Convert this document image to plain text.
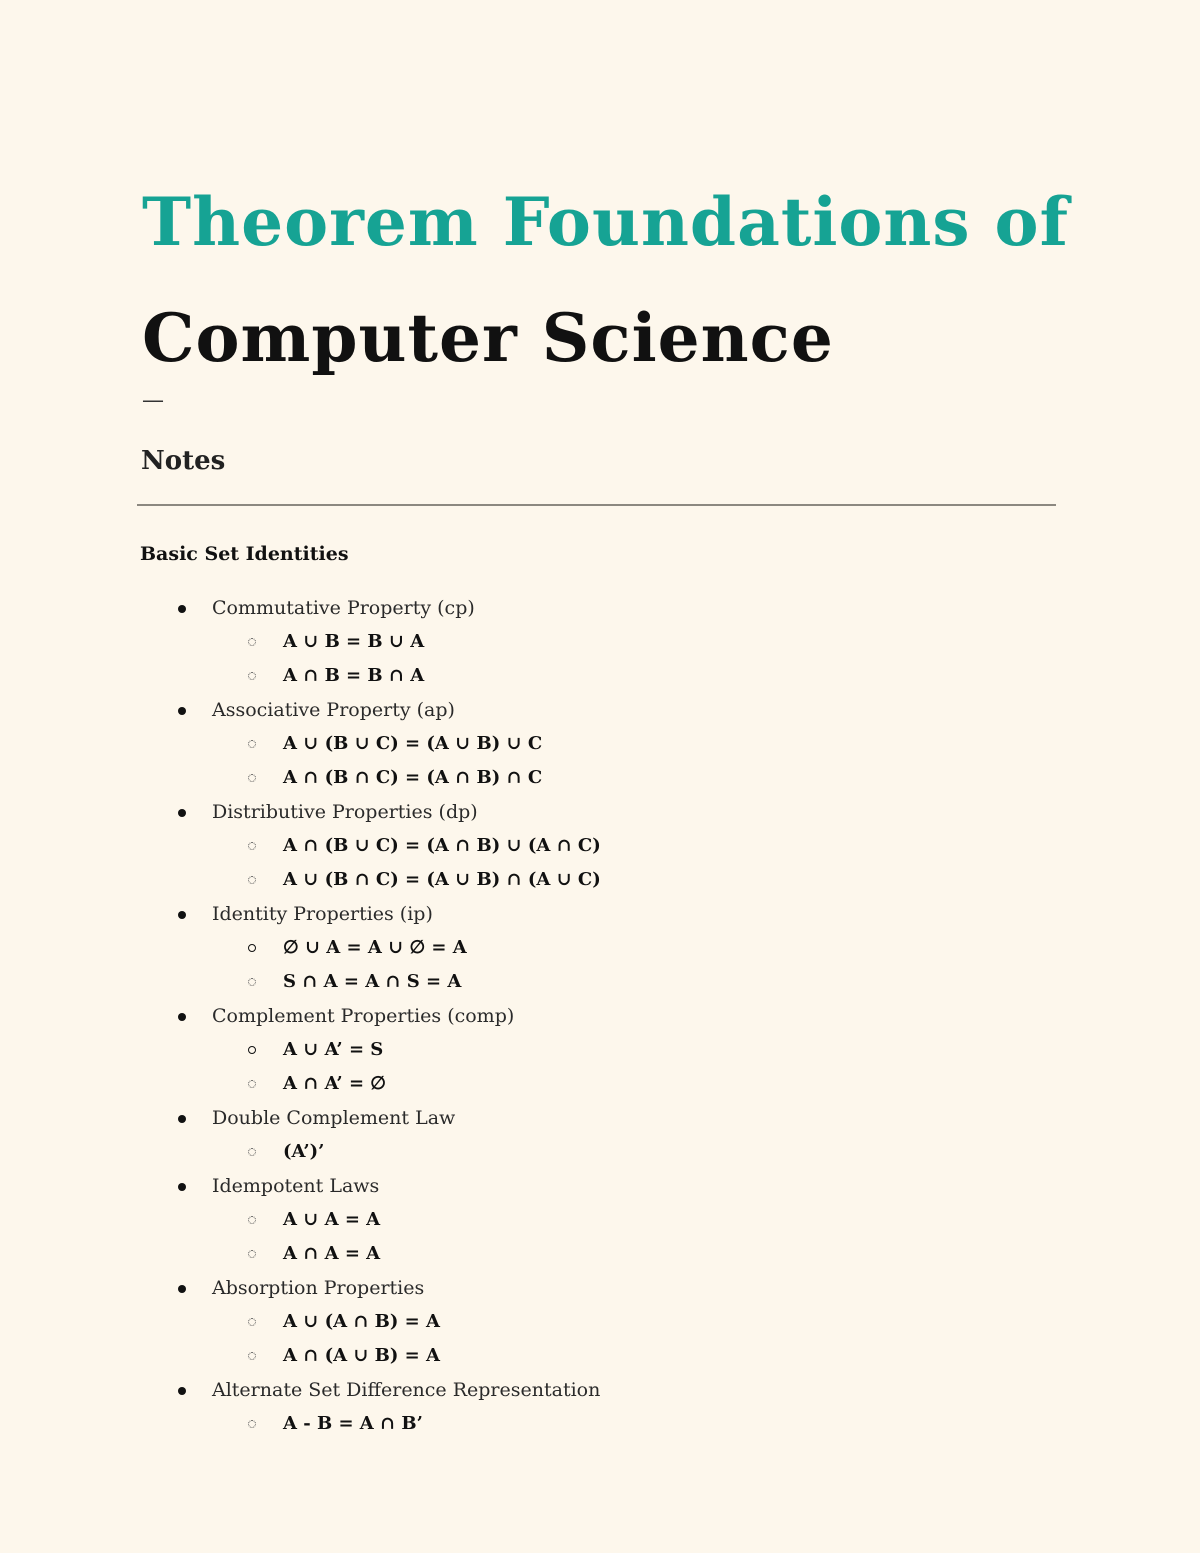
Theorem Foundations of
Computer Science
—
Notes
Basic Set Identities
Commutative Property (cp)
A ∪ B = B ∪ A
A ∩ B = B ∩ A
Associative Property (ap)
A ∪ (B ∪ C) = (A ∪ B) ∪ C
A ∩ (B ∩ C) = (A ∩ B) ∩ C
Distributive Properties (dp)
A ∩ (B ∪ C) = (A ∩ B) ∪ (A ∩ C)
A ∪ (B ∩ C) = (A ∪ B) ∩ (A ∪ C)
Identity Properties (ip)
∅ ∪ A = A ∪ ∅ = A
S ∩ A = A ∩ S = A
Complement Properties (comp)
A ∪ A’ = S
A ∩ A’ = ∅
Double Complement Law
(A’)’
Idempotent Laws
A ∪ A = A
A ∩ A = A
Absorption Properties
A ∪ (A ∩ B) = A
A ∩ (A ∪ B) = A
Alternate Set Difference Representation
A - B = A ∩ B’
